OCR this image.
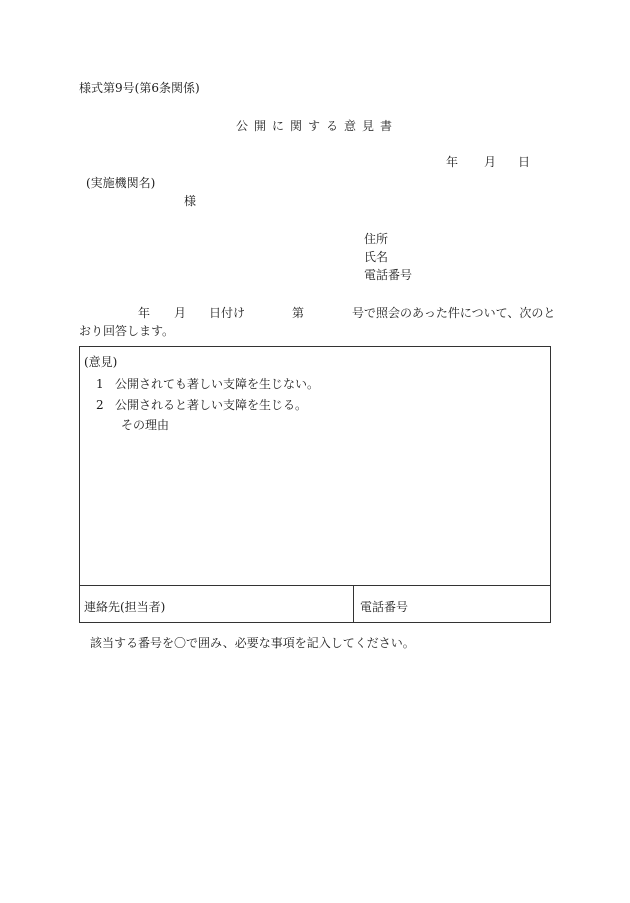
様式第9号(第6条関係)
公開に関する意見書
年 月 日
(実施機関名)
様
住所
氏名
電話番号
年 月 日付け	第	号で照会のあった件について、次のと
おり回答します。
(意見)
1 公開されても著しい支障を生じない。
2 公開されると著しい支障を生じる。
その理由
連絡先(担当者)	電話番号
該当する番号を〇で囲み、必要な事項を記入してください。
